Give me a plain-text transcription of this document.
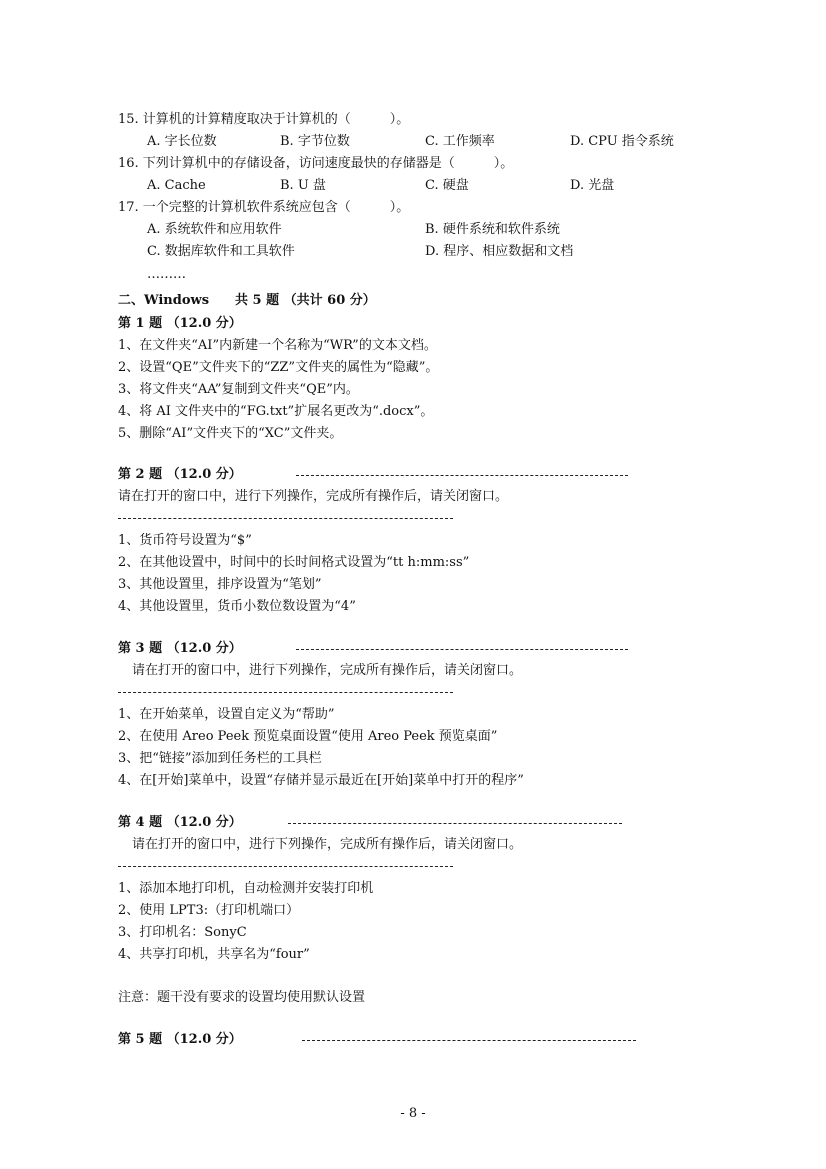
15. 计算机的计算精度取决于计算机的（　　　）。
A. 字长位数	B. 字节位数	C. 工作频率	D. CPU 指令系统
16. 下列计算机中的存储设备，访问速度最快的存储器是（　　　）。
A. Cache	B. U 盘	C. 硬盘	D. 光盘
17. 一个完整的计算机软件系统应包含（　　　）。
A. 系统软件和应用软件	B. 硬件系统和软件系统
C. 数据库软件和工具软件	D. 程序、相应数据和文档
………
二、Windows　　共 5 题 （共计 60 分）
第 1 题 （12.0 分）
1、在文件夹“AI”内新建一个名称为“WR”的文本文档。
2、设置“QE”文件夹下的“ZZ”文件夹的属性为“隐藏”。
3、将文件夹“AA”复制到文件夹“QE”内。
4、将 AI 文件夹中的“FG.txt”扩展名更改为“.docx”。
5、删除“AI”文件夹下的“XC”文件夹。
第 2 题 （12.0 分）
请在打开的窗口中，进行下列操作，完成所有操作后，请关闭窗口。
1、货币符号设置为“$”
2、在其他设置中，时间中的长时间格式设置为“tt h:mm:ss”
3、其他设置里，排序设置为“笔划”
4、其他设置里，货币小数位数设置为“4”
第 3 题 （12.0 分）
请在打开的窗口中，进行下列操作，完成所有操作后，请关闭窗口。
1、在开始菜单，设置自定义为“帮助”
2、在使用 Areo Peek 预览桌面设置“使用 Areo Peek 预览桌面”
3、把“链接”添加到任务栏的工具栏
4、在[开始]菜单中，设置“存储并显示最近在[开始]菜单中打开的程序”
第 4 题 （12.0 分）
请在打开的窗口中，进行下列操作，完成所有操作后，请关闭窗口。
1、添加本地打印机，自动检测并安装打印机
2、使用 LPT3:（打印机端口）
3、打印机名：SonyC
4、共享打印机，共享名为“four”
注意：题干没有要求的设置均使用默认设置
第 5 题 （12.0 分）
- 8 -
